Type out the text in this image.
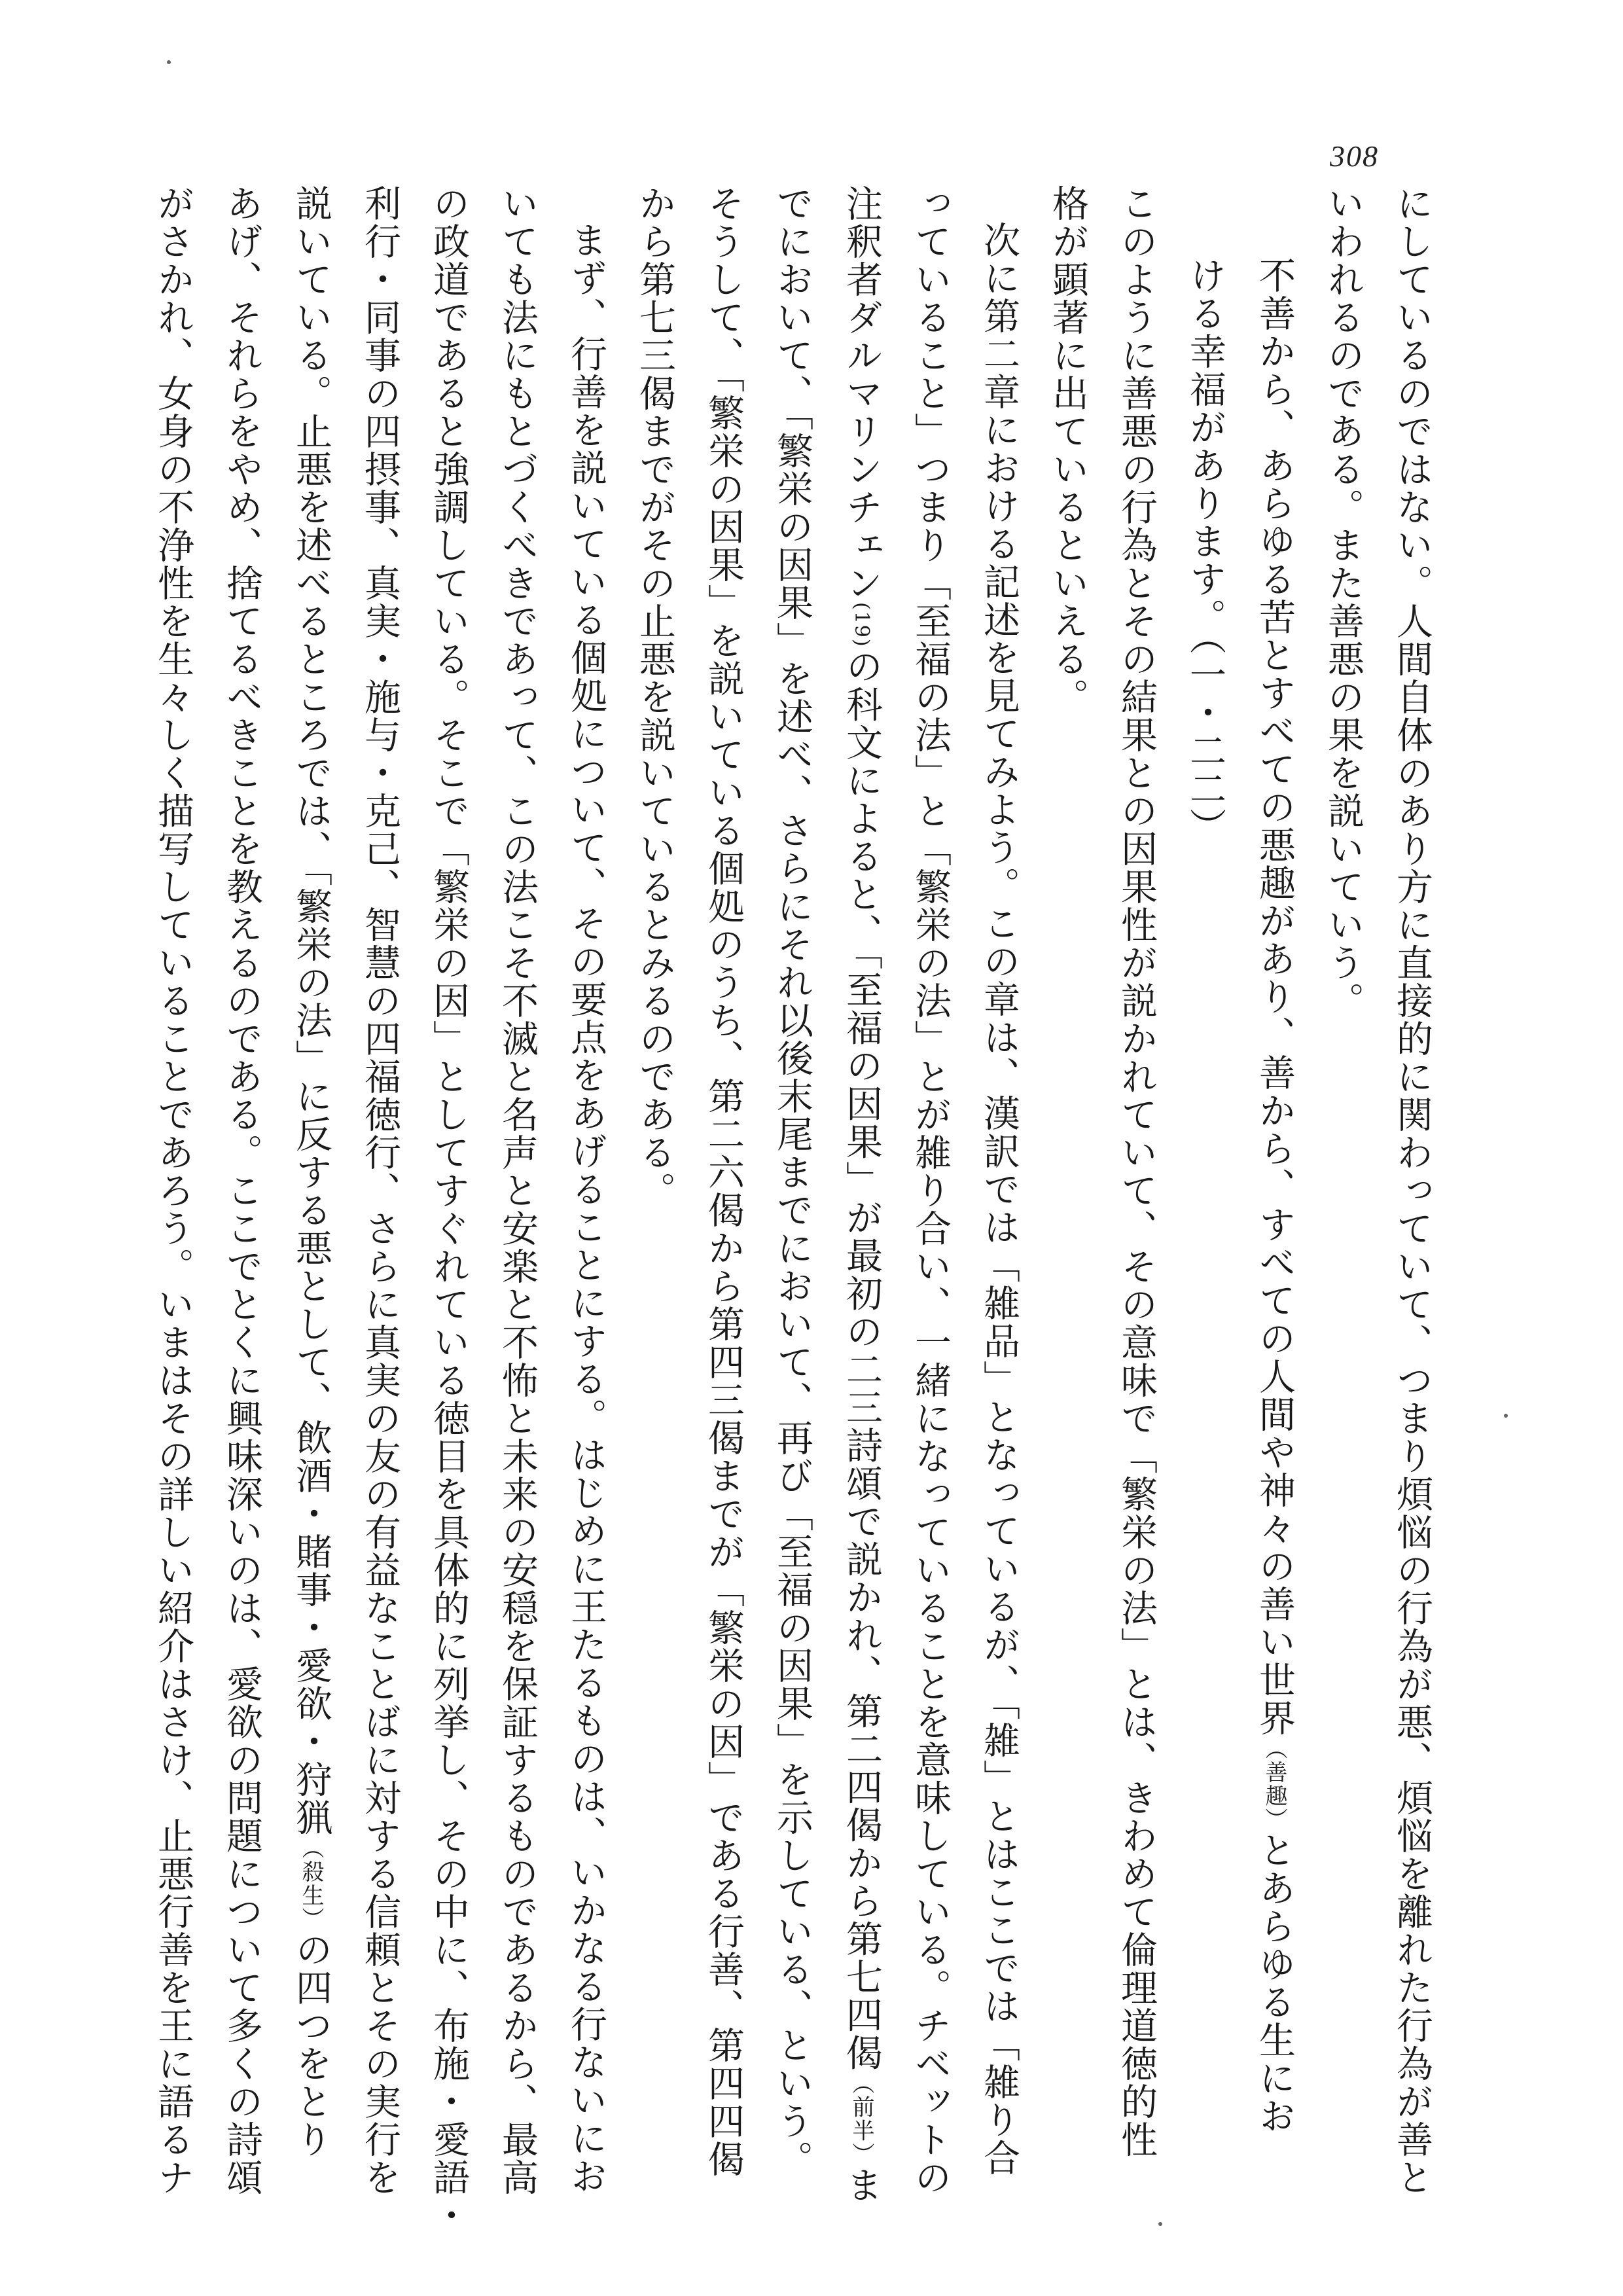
308

にしているのではない。人間自体のあり方に直接的に関わっていて、つまり煩悩の行為が悪、煩悩を離れた行為が善と

いわれるのである。また善悪の果を説いていう。

不善から、あらゆる苦とすべての悪趣があり、善から、すべての人間や神々の善い世界（善趣）とあらゆる生にお

ける幸福があります。（一・二二）

このように善悪の行為とその結果との因果性が説かれていて、その意味で「繁栄の法」とは、きわめて倫理道徳的性

格が顕著に出ているといえる。

次に第二章における記述を見てみよう。この章は、漢訳では「雑品」となっているが、「雑」とはここでは「雑り合

っていること」つまり「至福の法」と「繁栄の法」とが雑り合い、一緒になっていることを意味している。チベットの

注釈者ダルマリンチェン(19)の科文によると、「至福の因果」が最初の二三詩頌で説かれ、第二四偈から第七四偈（前半）ま

でにおいて、「繁栄の因果」を述べ、さらにそれ以後末尾までにおいて、再び「至福の因果」を示している、という。

そうして、「繁栄の因果」を説いている個処のうち、第二六偈から第四三偈までが「繁栄の因」である行善、第四四偈

から第七三偈までがその止悪を説いているとみるのである。

まず、行善を説いている個処について、その要点をあげることにする。はじめに王たるものは、いかなる行ないにお

いても法にもとづくべきであって、この法こそ不滅と名声と安楽と不怖と未来の安穏を保証するものであるから、最高

の政道であると強調している。そこで「繁栄の因」としてすぐれている徳目を具体的に列挙し、その中に、布施・愛語・

利行・同事の四摂事、真実・施与・克己、智慧の四福徳行、さらに真実の友の有益なことばに対する信頼とその実行を

説いている。止悪を述べるところでは、「繁栄の法」に反する悪として、飲酒・賭事・愛欲・狩猟（殺生）の四つをとり

あげ、それらをやめ、捨てるべきことを教えるのである。ここでとくに興味深いのは、愛欲の問題について多くの詩頌

がさかれ、女身の不浄性を生々しく描写していることであろう。いまはその詳しい紹介はさけ、止悪行善を王に語るナ
